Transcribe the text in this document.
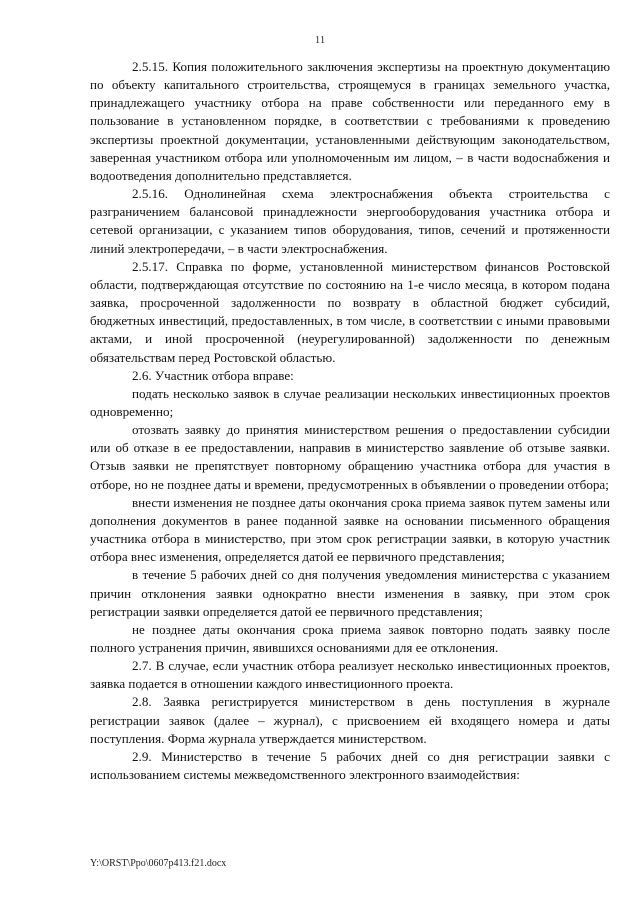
11

2.5.15. Копия положительного заключения экспертизы на проектную документацию по объекту капитального строительства, строящемуся в границах земельного участка, принадлежащего участнику отбора на праве собственности или переданного ему в пользование в установленном порядке, в соответствии с требованиями к проведению экспертизы проектной документации, установленными действующим законодательством, заверенная участником отбора или уполномоченным им лицом, – в части водоснабжения и водоотведения дополнительно представляется.

2.5.16. Однолинейная схема электроснабжения объекта строительства с разграничением балансовой принадлежности энергооборудования участника отбора и сетевой организации, с указанием типов оборудования, типов, сечений и протяженности линий электропередачи, – в части электроснабжения.

2.5.17. Справка по форме, установленной министерством финансов Ростовской области, подтверждающая отсутствие по состоянию на 1-е число месяца, в котором подана заявка, просроченной задолженности по возврату в областной бюджет субсидий, бюджетных инвестиций, предоставленных, в том числе, в соответствии с иными правовыми актами, и иной просроченной (неурегулированной) задолженности по денежным обязательствам перед Ростовской областью.

2.6. Участник отбора вправе:

подать несколько заявок в случае реализации нескольких инвестиционных проектов одновременно;

отозвать заявку до принятия министерством решения о предоставлении субсидии или об отказе в ее предоставлении, направив в министерство заявление об отзыве заявки. Отзыв заявки не препятствует повторному обращению участника отбора для участия в отборе, но не позднее даты и времени, предусмотренных в объявлении о проведении отбора;

внести изменения не позднее даты окончания срока приема заявок путем замены или дополнения документов в ранее поданной заявке на основании письменного обращения участника отбора в министерство, при этом срок регистрации заявки, в которую участник отбора внес изменения, определяется датой ее первичного представления;

в течение 5 рабочих дней со дня получения уведомления министерства с указанием причин отклонения заявки однократно внести изменения в заявку, при этом срок регистрации заявки определяется датой ее первичного представления;

не позднее даты окончания срока приема заявок повторно подать заявку после полного устранения причин, явившихся основаниями для ее отклонения.

2.7. В случае, если участник отбора реализует несколько инвестиционных проектов, заявка подается в отношении каждого инвестиционного проекта.

2.8. Заявка регистрируется министерством в день поступления в журнале регистрации заявок (далее – журнал), с присвоением ей входящего номера и даты поступления. Форма журнала утверждается министерством.

2.9. Министерство в течение 5 рабочих дней со дня регистрации заявки с использованием системы межведомственного электронного взаимодействия:

Y:\ORST\Ppo\0607p413.f21.docx
